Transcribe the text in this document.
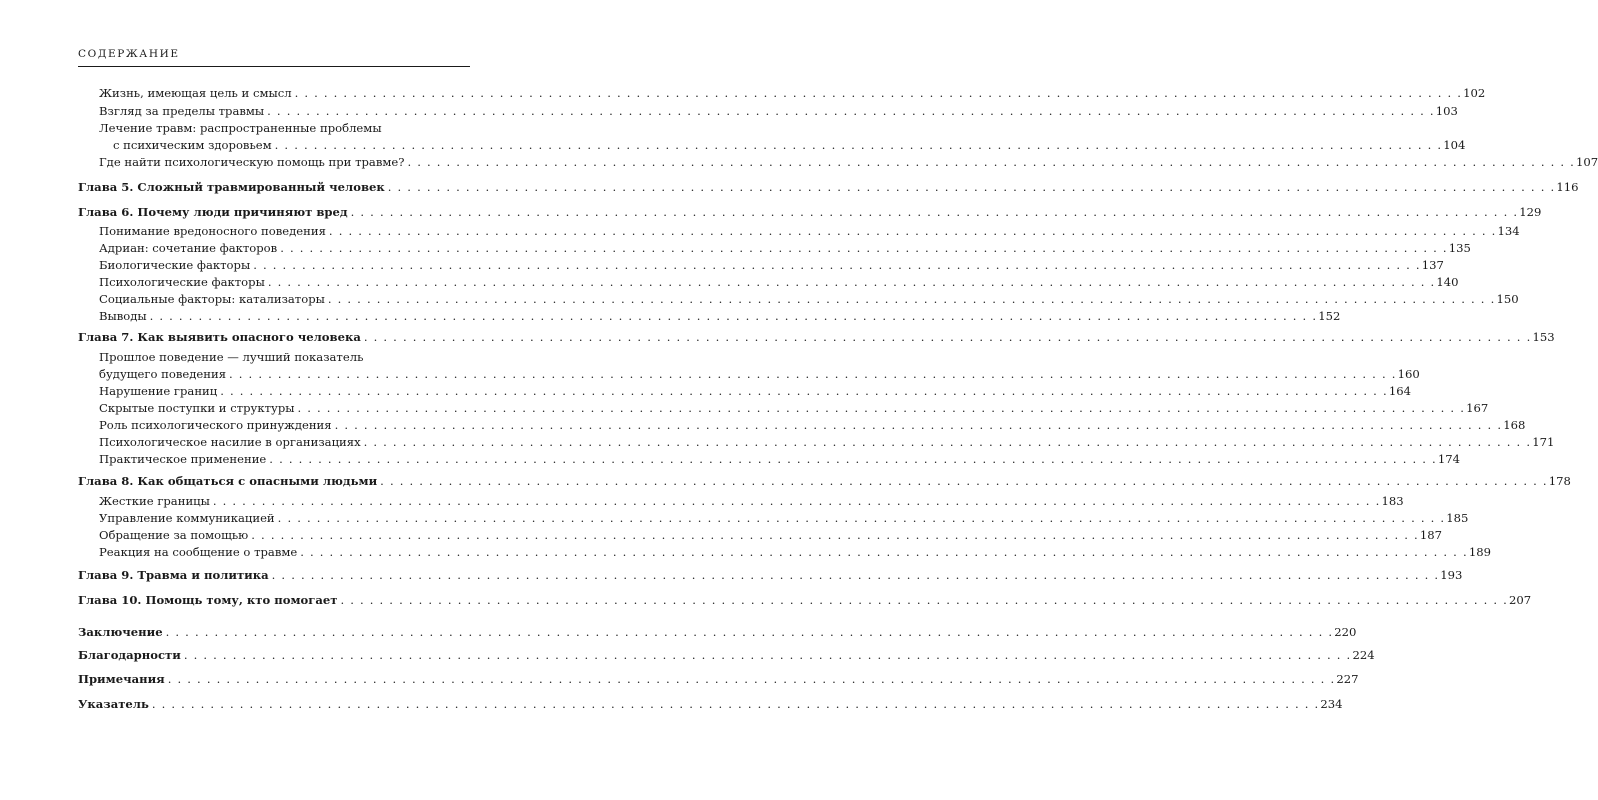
СОДЕРЖАНИЕ
Жизнь, имеющая цель и смысл . . . . . . . . . . . . . . . . . . . . . . . . . . . . . . . . . . . . . . . . . . . . . . . . . . . . . . . . . . . . . . . . . . . . . . . . . . . . . . . . . . . . . . . . . . . . . . . . . . . . . . . . . . . . . . . . . . . . . . . . 102
Взгляд за пределы травмы . . . . . . . . . . . . . . . . . . . . . . . . . . . . . . . . . . . . . . . . . . . . . . . . . . . . . . . . . . . . . . . . . . . . . . . . . . . . . . . . . . . . . . . . . . . . . . . . . . . . . . . . . . . . . . . . . . . . . . . . 103
Лечение травм: распространенные проблемы
с психическим здоровьем . . . . . . . . . . . . . . . . . . . . . . . . . . . . . . . . . . . . . . . . . . . . . . . . . . . . . . . . . . . . . . . . . . . . . . . . . . . . . . . . . . . . . . . . . . . . . . . . . . . . . . . . . . . . . . . . . . . . . . . . 104
Где найти психологическую помощь при травме? . . . . . . . . . . . . . . . . . . . . . . . . . . . . . . . . . . . . . . . . . . . . . . . . . . . . . . . . . . . . . . . . . . . . . . . . . . . . . . . . . . . . . . . . . . . . . . . . . . . . . . . . . . . . . . . . . . . . . . . . 107
Глава 5. Сложный травмированный человек . . . . . . . . . . . . . . . . . . . . . . . . . . . . . . . . . . . . . . . . . . . . . . . . . . . . . . . . . . . . . . . . . . . . . . . . . . . . . . . . . . . . . . . . . . . . . . . . . . . . . . . . . . . . . . . . . . . . . . . . 116
Глава 6. Почему люди причиняют вред . . . . . . . . . . . . . . . . . . . . . . . . . . . . . . . . . . . . . . . . . . . . . . . . . . . . . . . . . . . . . . . . . . . . . . . . . . . . . . . . . . . . . . . . . . . . . . . . . . . . . . . . . . . . . . . . . . . . . . . . 129
Понимание вредоносного поведения . . . . . . . . . . . . . . . . . . . . . . . . . . . . . . . . . . . . . . . . . . . . . . . . . . . . . . . . . . . . . . . . . . . . . . . . . . . . . . . . . . . . . . . . . . . . . . . . . . . . . . . . . . . . . . . . . . . . . . . . 134
Адриан: сочетание факторов . . . . . . . . . . . . . . . . . . . . . . . . . . . . . . . . . . . . . . . . . . . . . . . . . . . . . . . . . . . . . . . . . . . . . . . . . . . . . . . . . . . . . . . . . . . . . . . . . . . . . . . . . . . . . . . . . . . . . . . . 135
Биологические факторы . . . . . . . . . . . . . . . . . . . . . . . . . . . . . . . . . . . . . . . . . . . . . . . . . . . . . . . . . . . . . . . . . . . . . . . . . . . . . . . . . . . . . . . . . . . . . . . . . . . . . . . . . . . . . . . . . . . . . . . . 137
Психологические факторы . . . . . . . . . . . . . . . . . . . . . . . . . . . . . . . . . . . . . . . . . . . . . . . . . . . . . . . . . . . . . . . . . . . . . . . . . . . . . . . . . . . . . . . . . . . . . . . . . . . . . . . . . . . . . . . . . . . . . . . . 140
Социальные факторы: катализаторы . . . . . . . . . . . . . . . . . . . . . . . . . . . . . . . . . . . . . . . . . . . . . . . . . . . . . . . . . . . . . . . . . . . . . . . . . . . . . . . . . . . . . . . . . . . . . . . . . . . . . . . . . . . . . . . . . . . . . . . . 150
Выводы . . . . . . . . . . . . . . . . . . . . . . . . . . . . . . . . . . . . . . . . . . . . . . . . . . . . . . . . . . . . . . . . . . . . . . . . . . . . . . . . . . . . . . . . . . . . . . . . . . . . . . . . . . . . . . . . . . . . . . . . 152
Глава 7. Как выявить опасного человека . . . . . . . . . . . . . . . . . . . . . . . . . . . . . . . . . . . . . . . . . . . . . . . . . . . . . . . . . . . . . . . . . . . . . . . . . . . . . . . . . . . . . . . . . . . . . . . . . . . . . . . . . . . . . . . . . . . . . . . . 153
Прошлое поведение — лучший показатель
будущего поведения . . . . . . . . . . . . . . . . . . . . . . . . . . . . . . . . . . . . . . . . . . . . . . . . . . . . . . . . . . . . . . . . . . . . . . . . . . . . . . . . . . . . . . . . . . . . . . . . . . . . . . . . . . . . . . . . . . . . . . . . 160
Нарушение границ . . . . . . . . . . . . . . . . . . . . . . . . . . . . . . . . . . . . . . . . . . . . . . . . . . . . . . . . . . . . . . . . . . . . . . . . . . . . . . . . . . . . . . . . . . . . . . . . . . . . . . . . . . . . . . . . . . . . . . . . 164
Скрытые поступки и структуры . . . . . . . . . . . . . . . . . . . . . . . . . . . . . . . . . . . . . . . . . . . . . . . . . . . . . . . . . . . . . . . . . . . . . . . . . . . . . . . . . . . . . . . . . . . . . . . . . . . . . . . . . . . . . . . . . . . . . . . . 167
Роль психологического принуждения . . . . . . . . . . . . . . . . . . . . . . . . . . . . . . . . . . . . . . . . . . . . . . . . . . . . . . . . . . . . . . . . . . . . . . . . . . . . . . . . . . . . . . . . . . . . . . . . . . . . . . . . . . . . . . . . . . . . . . . . 168
Психологическое насилие в организациях . . . . . . . . . . . . . . . . . . . . . . . . . . . . . . . . . . . . . . . . . . . . . . . . . . . . . . . . . . . . . . . . . . . . . . . . . . . . . . . . . . . . . . . . . . . . . . . . . . . . . . . . . . . . . . . . . . . . . . . . 171
Практическое применение . . . . . . . . . . . . . . . . . . . . . . . . . . . . . . . . . . . . . . . . . . . . . . . . . . . . . . . . . . . . . . . . . . . . . . . . . . . . . . . . . . . . . . . . . . . . . . . . . . . . . . . . . . . . . . . . . . . . . . . . 174
Глава 8. Как общаться с опасными людьми . . . . . . . . . . . . . . . . . . . . . . . . . . . . . . . . . . . . . . . . . . . . . . . . . . . . . . . . . . . . . . . . . . . . . . . . . . . . . . . . . . . . . . . . . . . . . . . . . . . . . . . . . . . . . . . . . . . . . . . . 178
Жесткие границы . . . . . . . . . . . . . . . . . . . . . . . . . . . . . . . . . . . . . . . . . . . . . . . . . . . . . . . . . . . . . . . . . . . . . . . . . . . . . . . . . . . . . . . . . . . . . . . . . . . . . . . . . . . . . . . . . . . . . . . . 183
Управление коммуникацией . . . . . . . . . . . . . . . . . . . . . . . . . . . . . . . . . . . . . . . . . . . . . . . . . . . . . . . . . . . . . . . . . . . . . . . . . . . . . . . . . . . . . . . . . . . . . . . . . . . . . . . . . . . . . . . . . . . . . . . . 185
Обращение за помощью . . . . . . . . . . . . . . . . . . . . . . . . . . . . . . . . . . . . . . . . . . . . . . . . . . . . . . . . . . . . . . . . . . . . . . . . . . . . . . . . . . . . . . . . . . . . . . . . . . . . . . . . . . . . . . . . . . . . . . . . 187
Реакция на сообщение о травме . . . . . . . . . . . . . . . . . . . . . . . . . . . . . . . . . . . . . . . . . . . . . . . . . . . . . . . . . . . . . . . . . . . . . . . . . . . . . . . . . . . . . . . . . . . . . . . . . . . . . . . . . . . . . . . . . . . . . . . . 189
Глава 9. Травма и политика . . . . . . . . . . . . . . . . . . . . . . . . . . . . . . . . . . . . . . . . . . . . . . . . . . . . . . . . . . . . . . . . . . . . . . . . . . . . . . . . . . . . . . . . . . . . . . . . . . . . . . . . . . . . . . . . . . . . . . . . 193
Глава 10. Помощь тому, кто помогает . . . . . . . . . . . . . . . . . . . . . . . . . . . . . . . . . . . . . . . . . . . . . . . . . . . . . . . . . . . . . . . . . . . . . . . . . . . . . . . . . . . . . . . . . . . . . . . . . . . . . . . . . . . . . . . . . . . . . . . . 207
Заключение . . . . . . . . . . . . . . . . . . . . . . . . . . . . . . . . . . . . . . . . . . . . . . . . . . . . . . . . . . . . . . . . . . . . . . . . . . . . . . . . . . . . . . . . . . . . . . . . . . . . . . . . . . . . . . . . . . . . . . . . 220
Благодарности . . . . . . . . . . . . . . . . . . . . . . . . . . . . . . . . . . . . . . . . . . . . . . . . . . . . . . . . . . . . . . . . . . . . . . . . . . . . . . . . . . . . . . . . . . . . . . . . . . . . . . . . . . . . . . . . . . . . . . . . 224
Примечания . . . . . . . . . . . . . . . . . . . . . . . . . . . . . . . . . . . . . . . . . . . . . . . . . . . . . . . . . . . . . . . . . . . . . . . . . . . . . . . . . . . . . . . . . . . . . . . . . . . . . . . . . . . . . . . . . . . . . . . . 227
Указатель . . . . . . . . . . . . . . . . . . . . . . . . . . . . . . . . . . . . . . . . . . . . . . . . . . . . . . . . . . . . . . . . . . . . . . . . . . . . . . . . . . . . . . . . . . . . . . . . . . . . . . . . . . . . . . . . . . . . . . . . 234
